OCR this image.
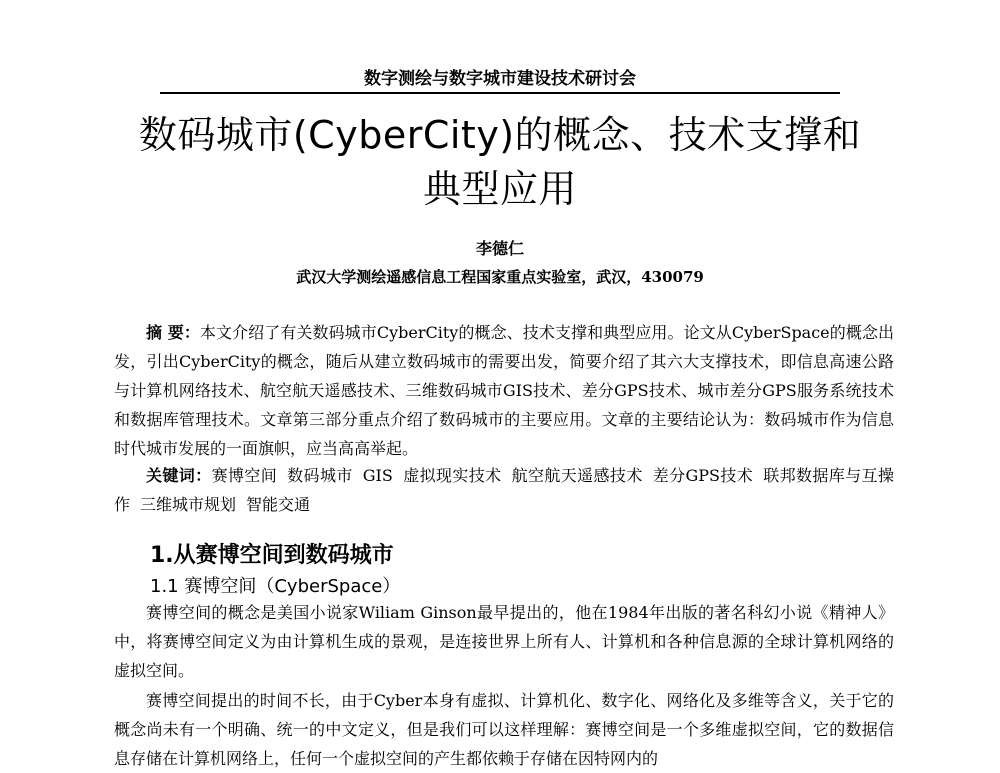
数字测绘与数字城市建设技术研讨会
数码城市(CyberCity)的概念、技术支撑和
典型应用
李德仁
武汉大学测绘遥感信息工程国家重点实验室，武汉，430079
摘 要：本文介绍了有关数码城市CyberCity的概念、技术支撑和典型应用。论文从CyberSpace的概念出发，引出CyberCity的概念，随后从建立数码城市的需要出发，简要介绍了其六大支撑技术，即信息高速公路与计算机网络技术、航空航天遥感技术、三维数码城市GIS技术、差分GPS技术、城市差分GPS服务系统技术和数据库管理技术。文章第三部分重点介绍了数码城市的主要应用。文章的主要结论认为：数码城市作为信息时代城市发展的一面旗帜，应当高高举起。
关键词：赛博空间 数码城市 GIS 虚拟现实技术 航空航天遥感技术 差分GPS技术 联邦数据库与互操作 三维城市规划 智能交通
1.从赛博空间到数码城市
1.1 赛博空间（CyberSpace）
赛博空间的概念是美国小说家Wiliam Ginson最早提出的，他在1984年出版的著名科幻小说《精神人》中，将赛博空间定义为由计算机生成的景观，是连接世界上所有人、计算机和各种信息源的全球计算机网络的虚拟空间。
赛博空间提出的时间不长，由于Cyber本身有虚拟、计算机化、数字化、网络化及多维等含义，关于它的概念尚未有一个明确、统一的中文定义，但是我们可以这样理解：赛博空间是一个多维虚拟空间，它的数据信息存储在计算机网络上，任何一个虚拟空间的产生都依赖于存储在因特网内的
